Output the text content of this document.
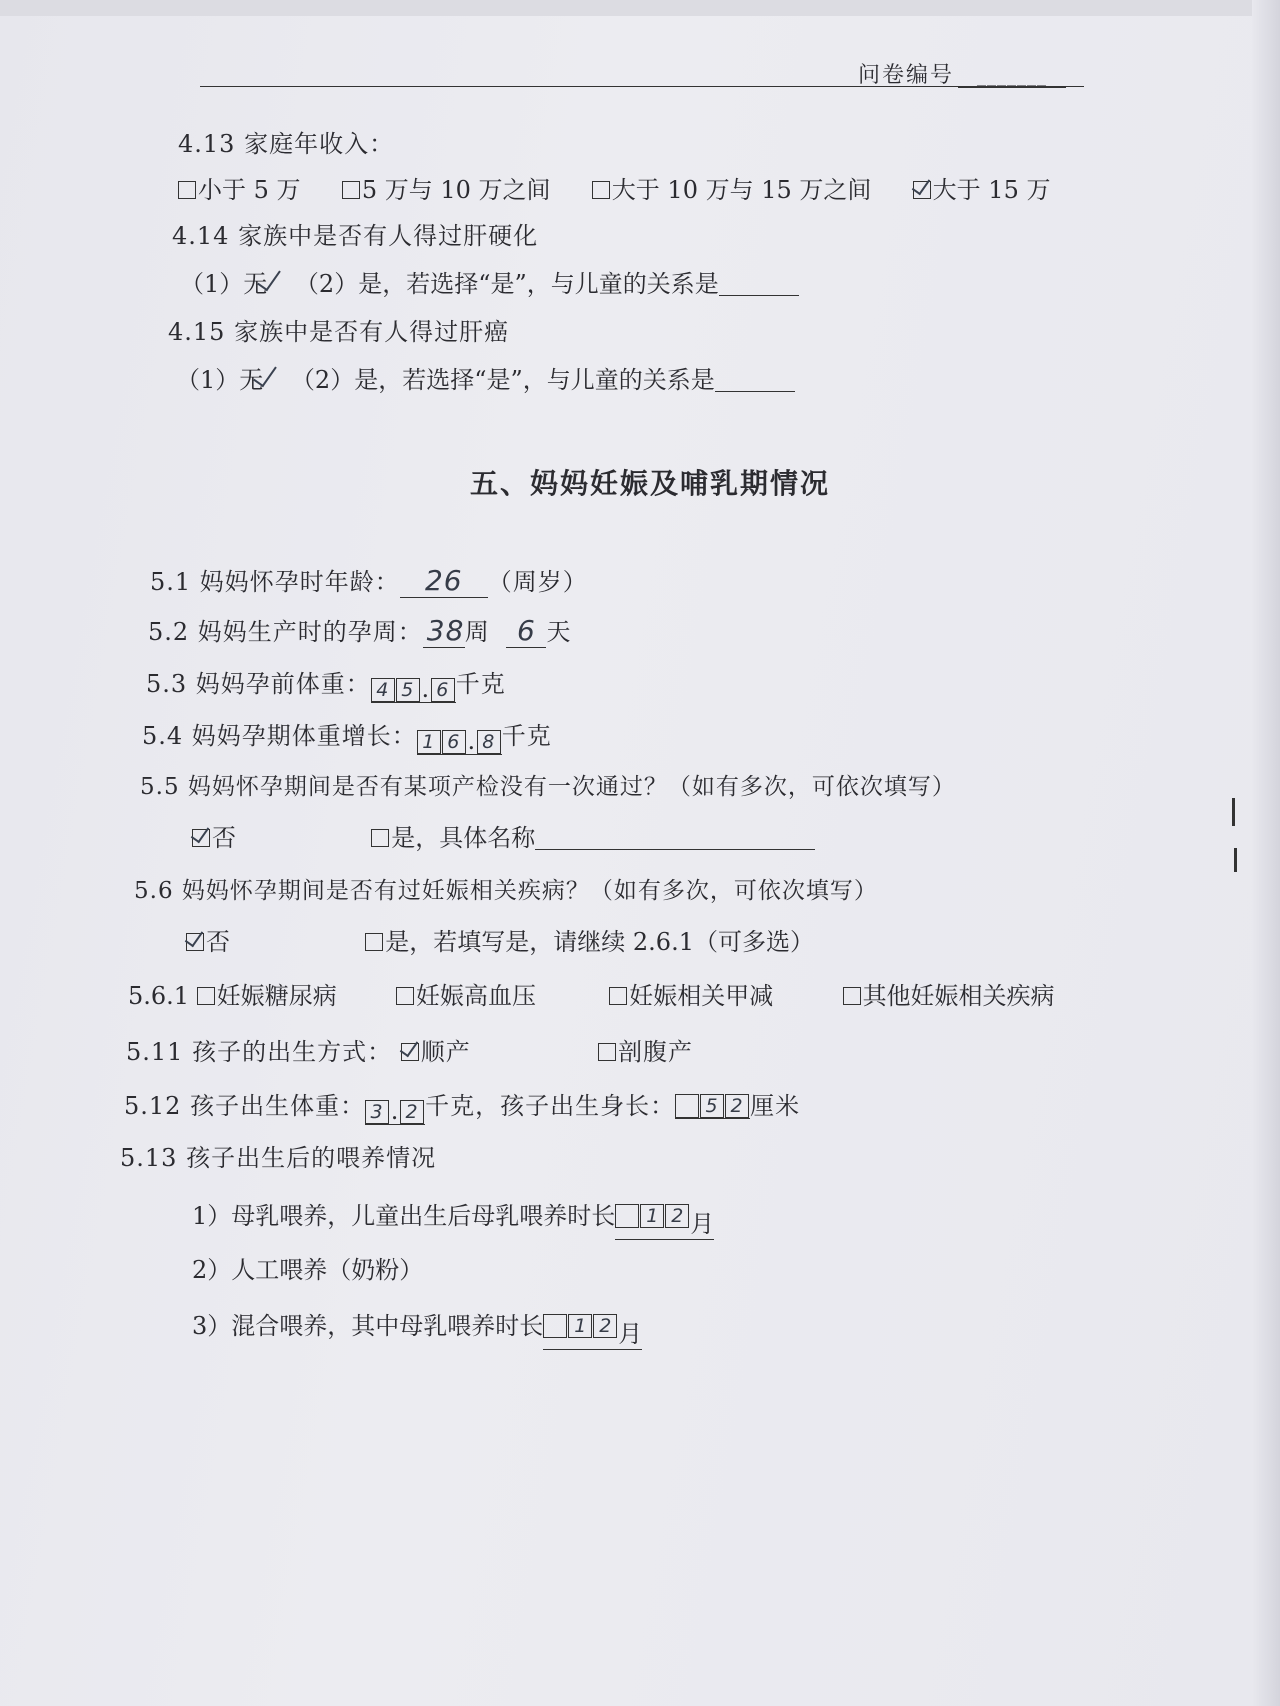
问卷编号 _______
4.13 家庭年收入：
小于 5 万	5 万与 10 万之间	大于 10 万与 15 万之间	大于 15 万
4.14 家族中是否有人得过肝硬化
（1）无 （2）是，若选择“是”，与儿童的关系是
4.15 家族中是否有人得过肝癌
（1）无 （2）是，若选择“是”，与儿童的关系是
五、妈妈妊娠及哺乳期情况
5.1 妈妈怀孕时年龄： 26 （周岁）
5.2 妈妈生产时的孕周： 38周 6 天
5.3 妈妈孕前体重： 4 5 . 6 千克
5.4 妈妈孕期体重增长： 1 6 . 8 千克
5.5 妈妈怀孕期间是否有某项产检没有一次通过？（如有多次，可依次填写）
否	是，具体名称
5.6 妈妈怀孕期间是否有过妊娠相关疾病？（如有多次，可依次填写）
否	是，若填写是，请继续 2.6.1（可多选）
5.6.1 妊娠糖尿病	妊娠高血压	妊娠相关甲减	其他妊娠相关疾病
5.11 孩子的出生方式： 顺产	剖腹产
5.12 孩子出生体重： 3 . 2 千克，孩子出生身长： 5 2 厘米
5.13 孩子出生后的喂养情况
1）母乳喂养，儿童出生后母乳喂养时长	1 2 月
2）人工喂养（奶粉）
3）混合喂养，其中母乳喂养时长	1 2 月
